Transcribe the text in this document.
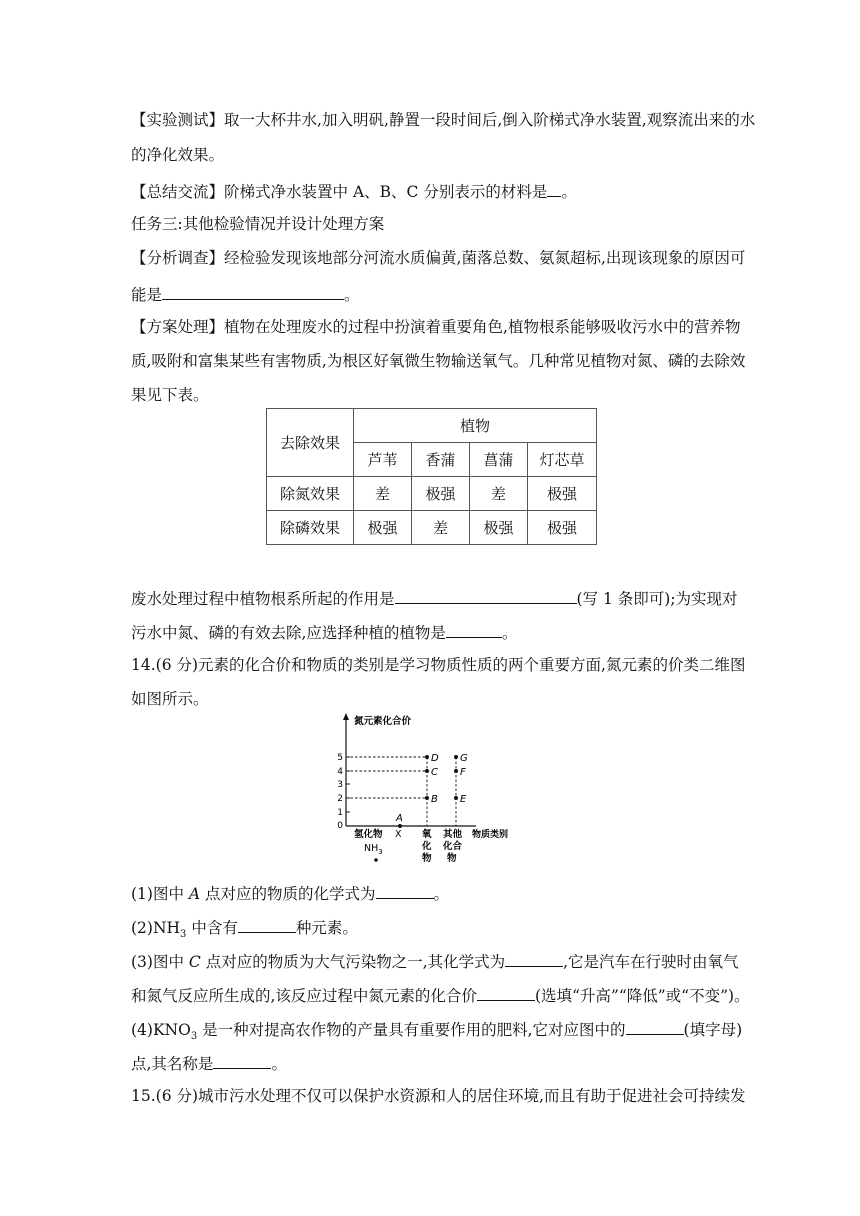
【实验测试】取一大杯井水,加入明矾,静置一段时间后,倒入阶梯式净水装置,观察流出来的水
的净化效果。
【总结交流】阶梯式净水装置中 A、B、C 分别表示的材料是 。
任务三:其他检验情况并设计处理方案
【分析调查】经检验发现该地部分河流水质偏黄,菌落总数、氨氮超标,出现该现象的原因可
能是	。
【方案处理】植物在处理废水的过程中扮演着重要角色,植物根系能够吸收污水中的营养物
质,吸附和富集某些有害物质,为根区好氧微生物输送氧气。几种常见植物对氮、磷的去除效
果见下表。
去除效果	植物			
	芦苇	香蒲	菖蒲	灯芯草
除氮效果	差	极强	差	极强
除磷效果	极强	差	极强	极强
废水处理过程中植物根系所起的作用是	(写 1 条即可);为实现对
污水中氮、磷的有效去除,应选择种植的植物是	。
14.(6 分)元素的化合价和物质的类别是学习物质性质的两个重要方面,氮元素的价类二维图
如图所示。
氮元素化合价
物质类别
5
4
3
2
1
0
A
B
C
D
E
F
G
氢化物
$NH_3$
X 氧
化
物
其他
化合
物
(1)图中 A 点对应的物质的化学式为	。
$(2)NH_3$ 中含有	种元素。
(3)图中 C 点对应的物质为大气污染物之一,其化学式为	,它是汽车在行驶时由氧气
和氮气反应所生成的,该反应过程中氮元素的化合价	(选填“升高”“降低”或“不变”)。
$(4)KNO_3$ 是一种对提高农作物的产量具有重要作用的肥料,它对应图中的	(填字母)
点,其名称是	。
15.(6 分)城市污水处理不仅可以保护水资源和人的居住环境,而且有助于促进社会可持续发
